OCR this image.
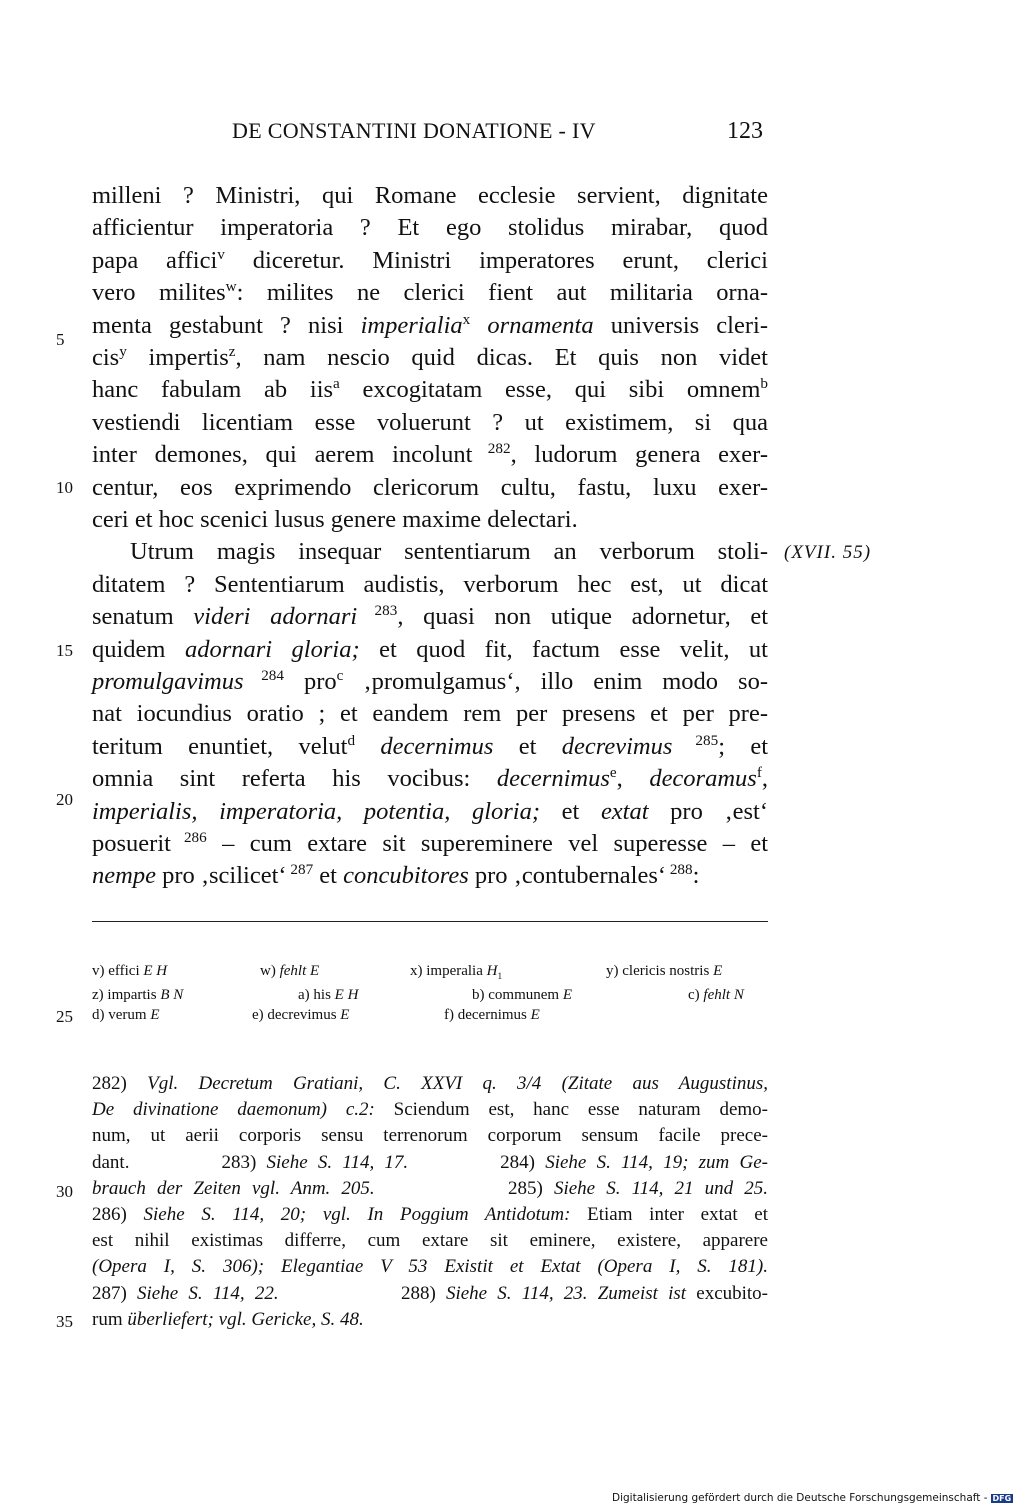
DE CONSTANTINI DONATIONE - IV	123
milleni ? Ministri, qui Romane ecclesie servient, dignitate
afficientur imperatoria ? Et ego stolidus mirabar, quod
papa affici$^v$ diceretur. Ministri imperatores erunt, clerici
vero milites$^w$: milites ne clerici fient aut militaria orna-
menta gestabunt ? nisi imperialia$^x$ ornamenta universis cleri-
cis$^y$ impertis$^z$, nam nescio quid dicas. Et quis non videt
hanc fabulam ab iis$^a$ excogitatam esse, qui sibi omnem$^b$
vestiendi licentiam esse voluerunt ? ut existimem, si qua
inter demones, qui aerem incolunt $^{282}$, ludorum genera exer-
centur, eos exprimendo clericorum cultu, fastu, luxu exer-
ceri et hoc scenici lusus genere maxime delectari.
Utrum magis insequar sententiarum an verborum stoli-
ditatem ? Sententiarum audistis, verborum hec est, ut dicat
senatum videri adornari $^{283}$, quasi non utique adornetur, et
quidem adornari gloria; et quod fit, factum esse velit, ut
promulgavimus $^{284}$ pro$^c$ ‚promulgamus‘, illo enim modo so-
nat iocundius oratio ; et eandem rem per presens et per pre-
teritum enuntiet, velut$^d$ decernimus et decrevimus $^{285}$; et
omnia sint referta his vocibus: decernimus$^e$, decoramus$^f$,
imperialis, imperatoria, potentia, gloria; et extat pro ‚est‘
posuerit $^{286}$ – cum extare sit supereminere vel superesse – et
nempe pro ‚scilicet‘ $^{287}$ et concubitores pro ‚contubernales‘ $^{288}$:
5
10
15
20
25
30
35
(XVII. 55)
v) effici E H	w) fehlt E	x) imperalia $H_1$	y) clericis nostris E
z) impartis B N	a) his E H	b) communem E	c) fehlt N
d) verum E	e) decrevimus E	f) decernimus E
282) Vgl. Decretum Gratiani, C. XXVI q. 3/4 (Zitate aus Augustinus,
De divinatione daemonum) c.2: Sciendum est, hanc esse naturam demo-
num, ut aerii corporis sensu terrenorum corporum sensum facile prece-
dant.         283) Siehe S. 114, 17.         284) Siehe S. 114, 19; zum Ge-
brauch der Zeiten vgl. Anm. 205.            285) Siehe S. 114, 21 und 25.
286) Siehe S. 114, 20; vgl. In Poggium Antidotum: Etiam inter extat et
est nihil existimas differre, cum extare sit eminere, existere, apparere
(Opera I, S. 306); Elegantiae V 53 Existit et Extat (Opera I, S. 181).
287) Siehe S. 114, 22.            288) Siehe S. 114, 23. Zumeist ist excubito-
rum überliefert; vgl. Gericke, S. 48.
Digitalisierung gefördert durch die Deutsche Forschungsgemeinschaft - DFG
